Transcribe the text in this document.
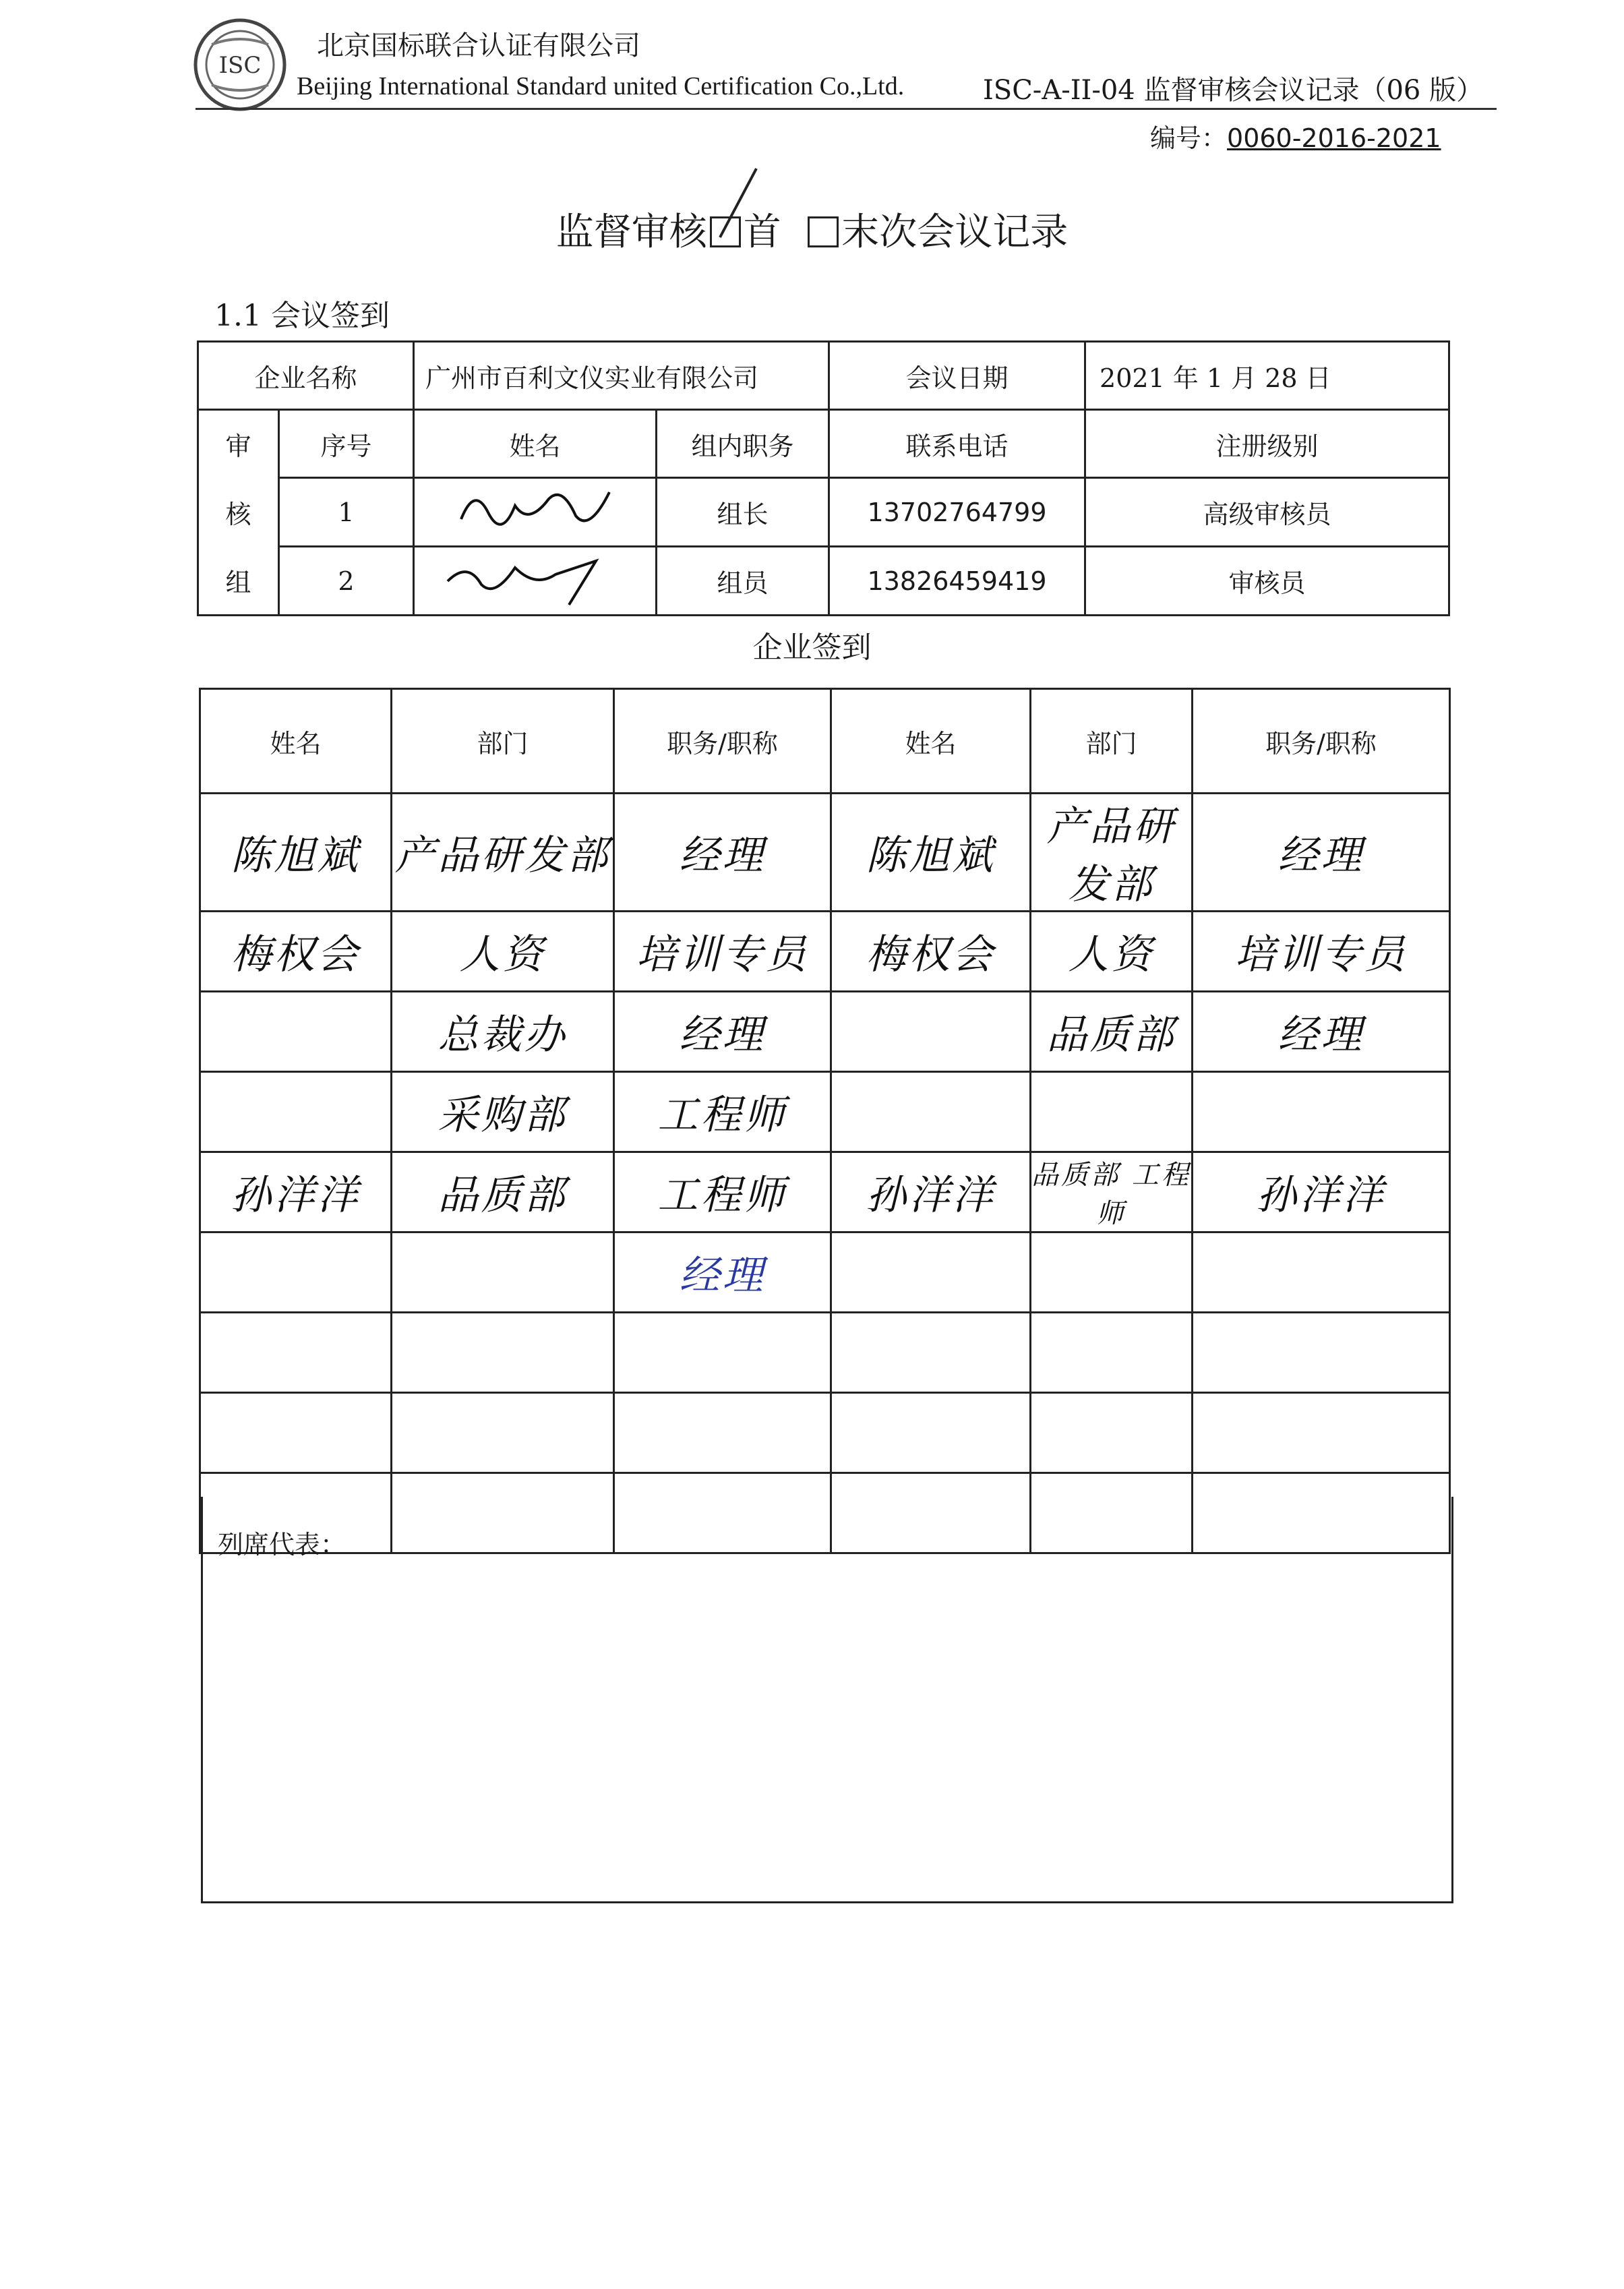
ISC
北京国标联合认证有限公司
Beijing International Standard united Certification Co.,Ltd.	ISC-A-II-04 监督审核会议记录（06 版）
编号：0060-2016-2021
监督审核 首 末次会议记录
1.1 会议签到
企业名称		广州市百利文仪实业有限公司		会议日期	2021 年 1 月 28 日
审	序号	姓名	组内职务	联系电话	注册级别
核	1		组长	13702764799	高级审核员
组	2		组员	13826459419	审核员
企业签到
姓名	部门	职务/职称	姓名	部门	职务/职称
陈旭斌	产品研发部	经理	陈旭斌	产品研发部	经理
梅权会	人资	培训专员	梅权会	人资	培训专员
	总裁办	经理		品质部	经理
	采购部	工程师			
孙洋洋	品质部	工程师	孙洋洋	品质部 工程师	孙洋洋
		经理			

列席代表：
